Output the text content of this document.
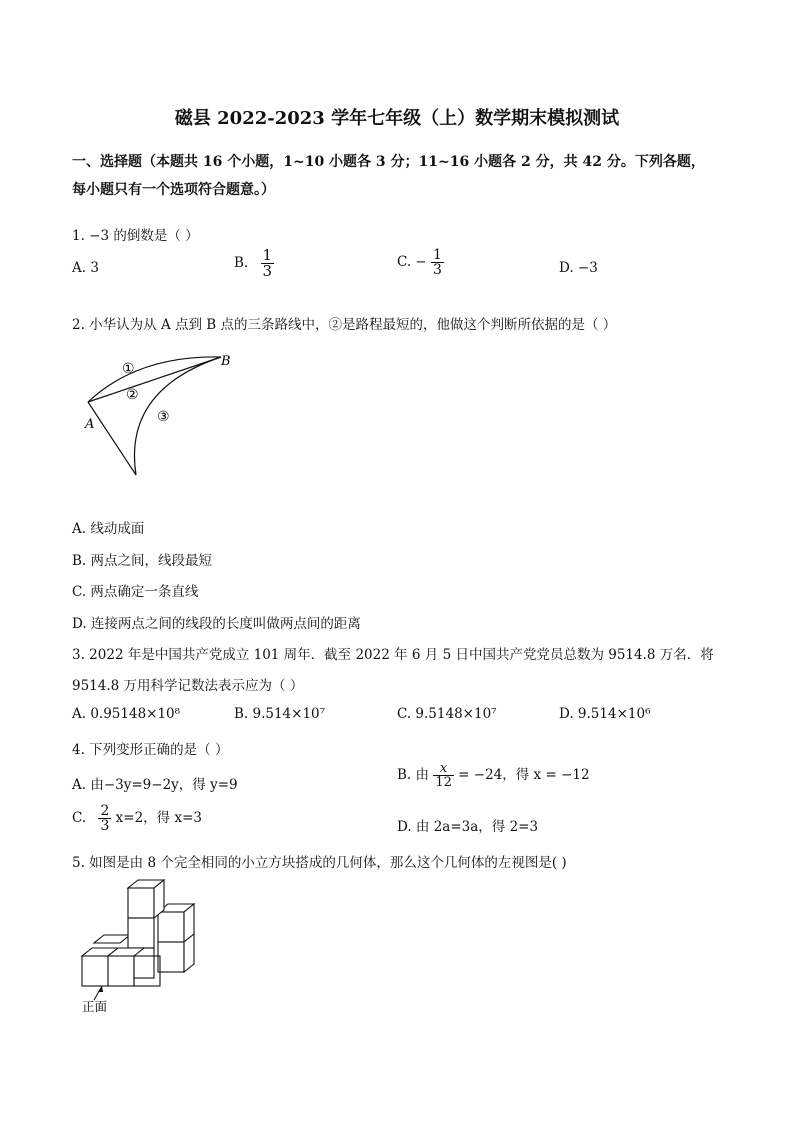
磁县 2022-2023 学年七年级（上）数学期末模拟测试
一、选择题（本题共 16 个小题，1~10 小题各 3 分；11~16 小题各 2 分，共 42 分。下列各题，
每小题只有一个选项符合题意。）
1. −3 的倒数是（ ）
A. 3	B. $\frac{1}{3}$	C. − $\frac{1}{3}$	D. −3
2. 小华认为从 A 点到 B 点的三条路线中，②是路程最短的，他做这个判断所依据的是（ ）
B
A
①
②
③
A. 线动成面
B. 两点之间，线段最短
C. 两点确定一条直线
D. 连接两点之间的线段的长度叫做两点间的距离
3. 2022 年是中国共产党成立 101 周年．截至 2022 年 6 月 5 日中国共产党党员总数为 9514.8 万名．将
9514.8 万用科学记数法表示应为（ ）
A. 0.95148×10⁸	B. 9.514×10⁷	C. 9.5148×10⁷	D. 9.514×10⁶
4. 下列变形正确的是（ ）
A. 由−3y=9−2y，得 y=9
B. 由 $\frac{x}{12} = -24$，得 x = −12
C. $\frac{2}{3} x=2$，得 x=3
D. 由 2a=3a，得 2=3
5. 如图是由 8 个完全相同的小立方块搭成的几何体，那么这个几何体的左视图是( )
正面
